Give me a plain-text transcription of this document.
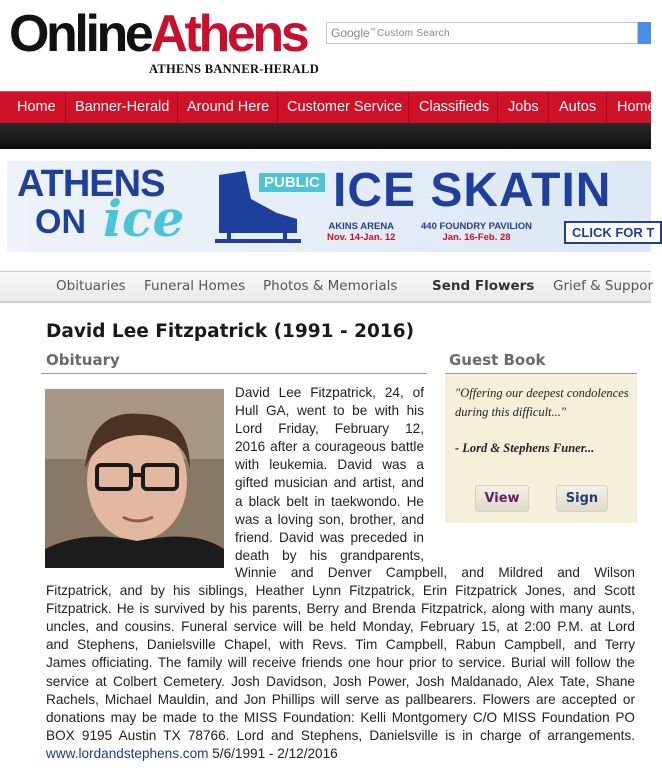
OnlineAthens
ATHENS BANNER-HERALD
Google™ Custom Search
Home Banner-Herald Around Here Customer Service Classifieds Jobs Autos Home
ATHENS
ON ice
PUBLIC ICE SKATIN
AKINS ARENA
Nov. 14-Jan. 12
440 FOUNDRY PAVILION
Jan. 16-Feb. 28	CLICK FOR T
Obituaries Funeral Homes Photos & Memorials	Send Flowers Grief & Suppor
David Lee Fitzpatrick (1991 - 2016)
Obituary	Guest Book
David Lee Fitzpatrick, 24, of
Hull GA, went to be with his
Lord Friday, February 12,
2016 after a courageous battle
with leukemia. David was a
gifted musician and artist, and
a black belt in taekwondo. He
was a loving son, brother, and
friend. David was preceded in
death by his grandparents,
Winnie and Denver Campbell, and Mildred and Wilson
Fitzpatrick, and by his siblings, Heather Lynn Fitzpatrick, Erin Fitzpatrick Jones, and Scott
Fitzpatrick. He is survived by his parents, Berry and Brenda Fitzpatrick, along with many aunts,
uncles, and cousins. Funeral service will be held Monday, February 15, at 2:00 P.M. at Lord
and Stephens, Danielsville Chapel, with Revs. Tim Campbell, Rabun Campbell, and Terry
James officiating. The family will receive friends one hour prior to service. Burial will follow the
service at Colbert Cemetery. Josh Davidson, Josh Power, Josh Maldanado, Alex Tate, Shane
Rachels, Michael Mauldin, and Jon Phillips will serve as pallbearers. Flowers are accepted or
donations may be made to the MISS Foundation: Kelli Montgomery C/O MISS Foundation PO
BOX 9195 Austin TX 78766. Lord and Stephens, Danielsville is in charge of arrangements.
www.lordandstephens.com 5/6/1991 - 2/12/2016
"Offering our deepest condolences during this difficult..."
- Lord & Stephens Funer...
View	Sign
